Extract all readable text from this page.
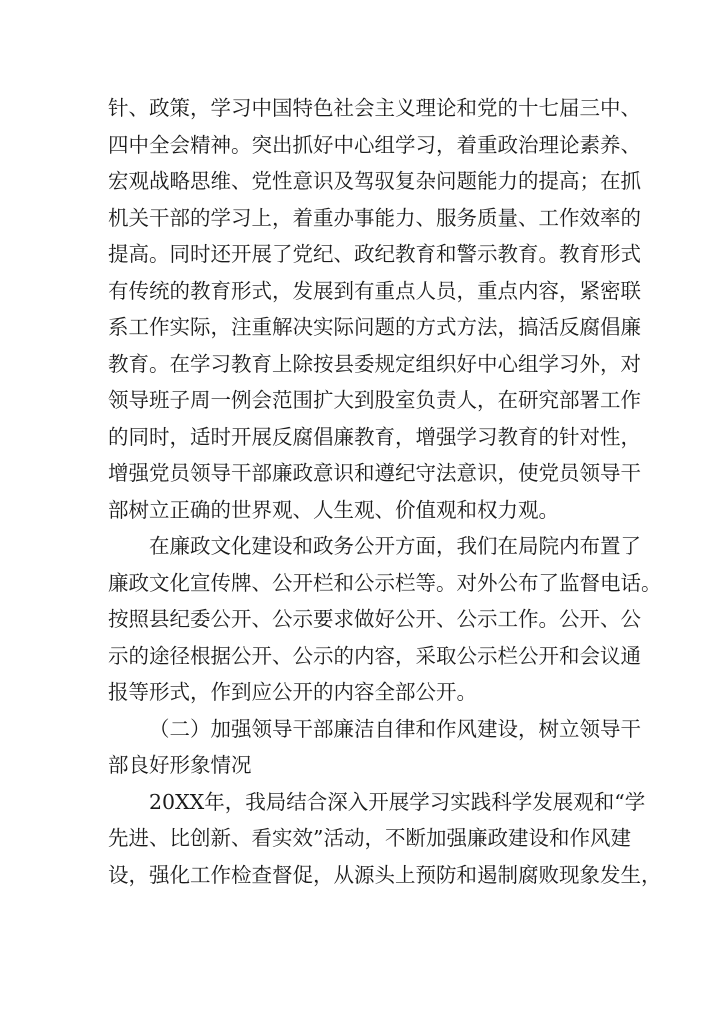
针、政策，学习中国特色社会主义理论和党的十七届三中、
四中全会精神。突出抓好中心组学习，着重政治理论素养、
宏观战略思维、党性意识及驾驭复杂问题能力的提高；在抓
机关干部的学习上，着重办事能力、服务质量、工作效率的
提高。同时还开展了党纪、政纪教育和警示教育。教育形式
有传统的教育形式，发展到有重点人员，重点内容，紧密联
系工作实际，注重解决实际问题的方式方法，搞活反腐倡廉
教育。在学习教育上除按县委规定组织好中心组学习外，对
领导班子周一例会范围扩大到股室负责人，在研究部署工作
的同时，适时开展反腐倡廉教育，增强学习教育的针对性，
增强党员领导干部廉政意识和遵纪守法意识，使党员领导干
部树立正确的世界观、人生观、价值观和权力观。
在廉政文化建设和政务公开方面，我们在局院内布置了
廉政文化宣传牌、公开栏和公示栏等。对外公布了监督电话。
按照县纪委公开、公示要求做好公开、公示工作。公开、公
示的途径根据公开、公示的内容，采取公示栏公开和会议通
报等形式，作到应公开的内容全部公开。
（二）加强领导干部廉洁自律和作风建设，树立领导干
部良好形象情况
20XX年，我局结合深入开展学习实践科学发展观和“学
先进、比创新、看实效”活动，不断加强廉政建设和作风建
设，强化工作检查督促，从源头上预防和遏制腐败现象发生，
